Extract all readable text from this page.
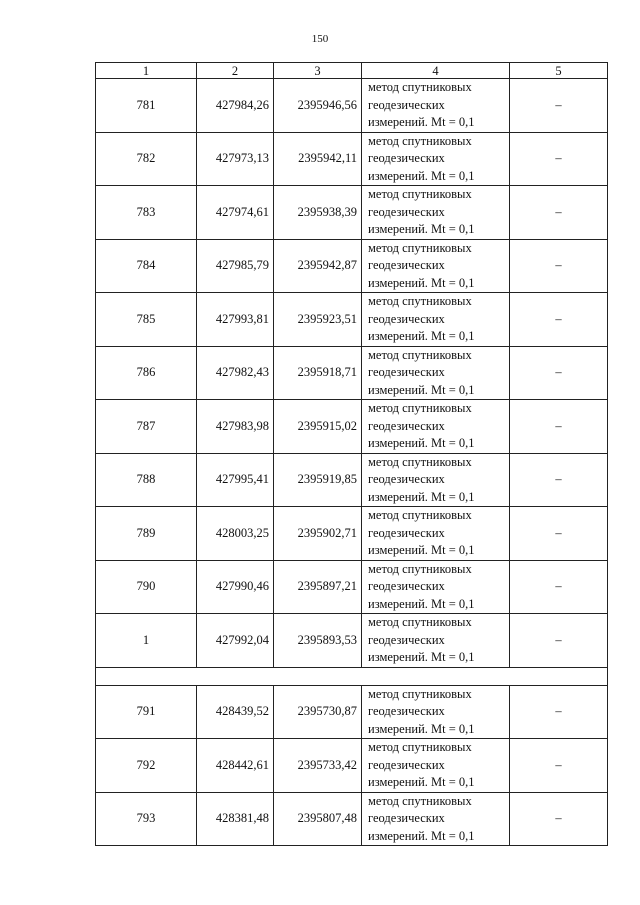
150
1	2	3	4	5
781	427984,26	2395946,56	метод спутниковых
геодезических
измерений. Mt = 0,1	–
782	427973,13	2395942,11	метод спутниковых
геодезических
измерений. Mt = 0,1	–
783	427974,61	2395938,39	метод спутниковых
геодезических
измерений. Mt = 0,1	–
784	427985,79	2395942,87	метод спутниковых
геодезических
измерений. Mt = 0,1	–
785	427993,81	2395923,51	метод спутниковых
геодезических
измерений. Mt = 0,1	–
786	427982,43	2395918,71	метод спутниковых
геодезических
измерений. Mt = 0,1	–
787	427983,98	2395915,02	метод спутниковых
геодезических
измерений. Mt = 0,1	–
788	427995,41	2395919,85	метод спутниковых
геодезических
измерений. Mt = 0,1	–
789	428003,25	2395902,71	метод спутниковых
геодезических
измерений. Mt = 0,1	–
790	427990,46	2395897,21	метод спутниковых
геодезических
измерений. Mt = 0,1	–
1	427992,04	2395893,53	метод спутниковых
геодезических
измерений. Mt = 0,1	–

791	428439,52	2395730,87	метод спутниковых
геодезических
измерений. Mt = 0,1	–
792	428442,61	2395733,42	метод спутниковых
геодезических
измерений. Mt = 0,1	–
793	428381,48	2395807,48	метод спутниковых
геодезических
измерений. Mt = 0,1	–
